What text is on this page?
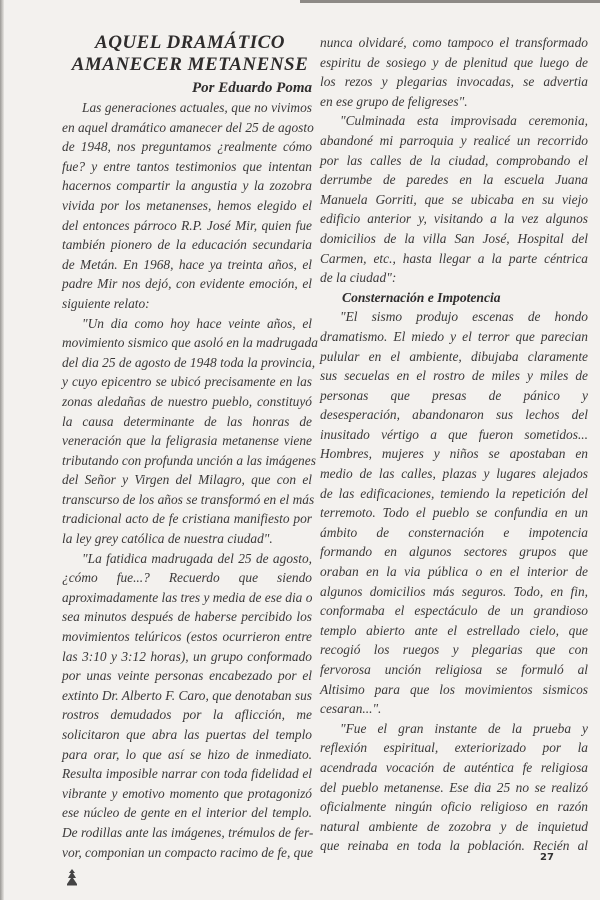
AQUEL DRAMÁTICO
AMANECER METANENSE
Por Eduardo Poma
Las generaciones actuales, que no vivimos
en aquel dramático amanecer del 25 de agosto
de 1948, nos preguntamos ¿realmente cómo
fue? y entre tantos testimonios que intentan
hacernos compartir la angustia y la zozobra
vivida por los metanenses, hemos elegido el
del entonces párroco R.P. José Mir, quien fue
también pionero de la educación secundaria
de Metán. En 1968, hace ya treinta años, el
padre Mir nos dejó, con evidente emoción, el
siguiente relato:
"Un dia como hoy hace veinte años, el
movimiento sismico que asoló en la madrugada
del dia 25 de agosto de 1948 toda la provincia,
y cuyo epicentro se ubicó precisamente en las
zonas aledañas de nuestro pueblo, constituyó
la causa determinante de las honras de
veneración que la feligrasia metanense viene
tributando con profunda unción a las imágenes
del Señor y Virgen del Milagro, que con el
transcurso de los años se transformó en el más
tradicional acto de fe cristiana manifiesto por
la ley grey católica de nuestra ciudad".
"La fatidica madrugada del 25 de agosto,
¿cómo fue...? Recuerdo que siendo
aproximadamente las tres y media de ese dia o
sea minutos después de haberse percibido los
movimientos telúricos (estos ocurrieron entre
las 3:10 y 3:12 horas), un grupo conformado
por unas veinte personas encabezado por el
extinto Dr. Alberto F. Caro, que denotaban sus
rostros demudados por la aflicción, me
solicitaron que abra las puertas del templo
para orar, lo que así se hizo de inmediato.
Resulta imposible narrar con toda fidelidad el
vibrante y emotivo momento que protagonizó
ese núcleo de gente en el interior del templo.
De rodillas ante las imágenes, trémulos de fer-
vor, componian un compacto racimo de fe, que
nunca olvidaré, como tampoco el transformado
espiritu de sosiego y de plenitud que luego de
los rezos y plegarias invocadas, se advertia
en ese grupo de feligreses".
"Culminada esta improvisada ceremonia,
abandoné mi parroquia y realicé un recorrido
por las calles de la ciudad, comprobando el
derrumbe de paredes en la escuela Juana
Manuela Gorriti, que se ubicaba en su viejo
edificio anterior y, visitando a la vez algunos
domicilios de la villa San José, Hospital del
Carmen, etc., hasta llegar a la parte céntrica
de la ciudad":
Consternación e Impotencia
"El sismo produjo escenas de hondo
dramatismo. El miedo y el terror que parecian
pulular en el ambiente, dibujaba claramente
sus secuelas en el rostro de miles y miles de
personas que presas de pánico y
desesperación, abandonaron sus lechos del
inusitado vértigo a que fueron sometidos...
Hombres, mujeres y niños se apostaban en
medio de las calles, plazas y lugares alejados
de las edificaciones, temiendo la repetición del
terremoto. Todo el pueblo se confundia en un
ámbito de consternación e impotencia
formando en algunos sectores grupos que
oraban en la via pública o en el interior de
algunos domicilios más seguros. Todo, en fin,
conformaba el espectáculo de un grandioso
templo abierto ante el estrellado cielo, que
recogió los ruegos y plegarias que con
fervorosa unción religiosa se formuló al
Altisimo para que los movimientos sismicos
cesaran...".
"Fue el gran instante de la prueba y
reflexión espiritual, exteriorizado por la
acendrada vocación de auténtica fe religiosa
del pueblo metanense. Ese dia 25 no se realizó
oficialmente ningún oficio religioso en razón
natural ambiente de zozobra y de inquietud
que reinaba en toda la población. Recién al
27
